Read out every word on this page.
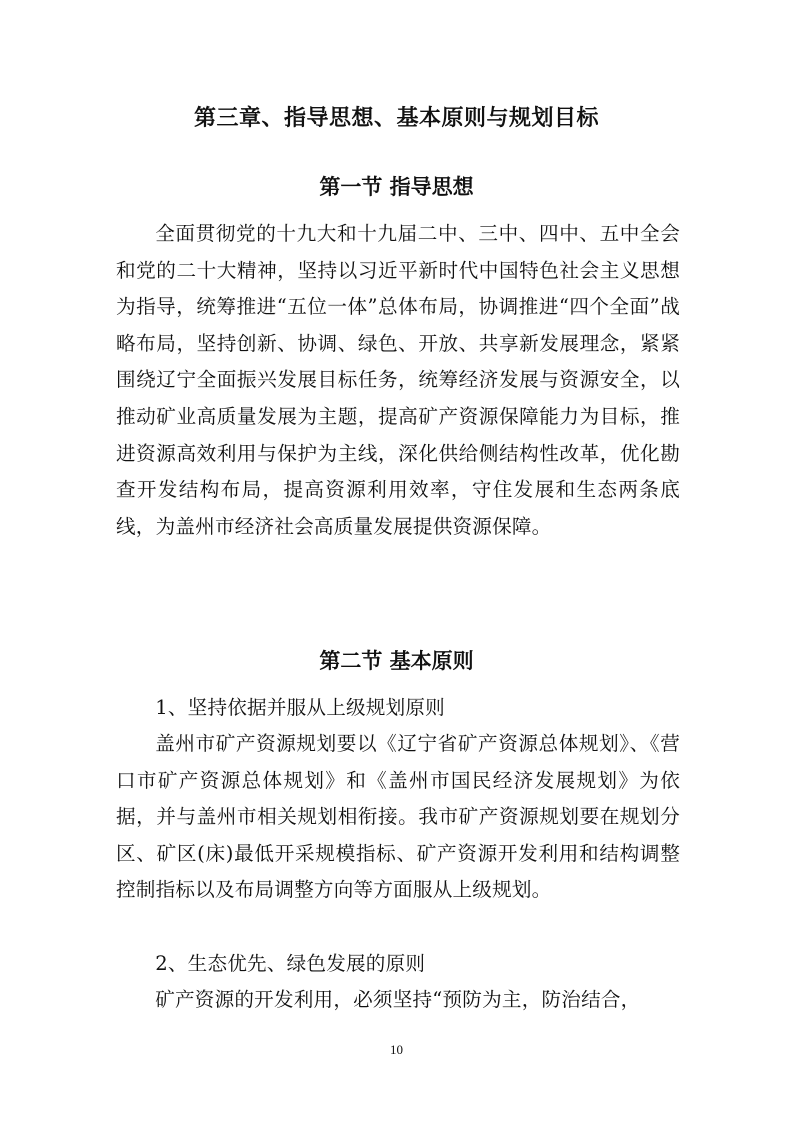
第三章、指导思想、基本原则与规划目标
第一节 指导思想

全面贯彻党的十九大和十九届二中、三中、四中、五中全会和党的二十大精神，坚持以习近平新时代中国特色社会主义思想为指导，统筹推进“五位一体”总体布局，协调推进“四个全面”战略布局，坚持创新、协调、绿色、开放、共享新发展理念，紧紧围绕辽宁全面振兴发展目标任务，统筹经济发展与资源安全，以推动矿业高质量发展为主题，提高矿产资源保障能力为目标，推进资源高效利用与保护为主线，深化供给侧结构性改革，优化勘查开发结构布局，提高资源利用效率，守住发展和生态两条底线，为盖州市经济社会高质量发展提供资源保障。

第二节 基本原则

1、坚持依据并服从上级规划原则

盖州市矿产资源规划要以《辽宁省矿产资源总体规划》、《营口市矿产资源总体规划》和《盖州市国民经济发展规划》为依据，并与盖州市相关规划相衔接。我市矿产资源规划要在规划分区、矿区(床)最低开采规模指标、矿产资源开发利用和结构调整控制指标以及布局调整方向等方面服从上级规划。

2、生态优先、绿色发展的原则

矿产资源的开发利用，必须坚持“预防为主，防治结合，

10
